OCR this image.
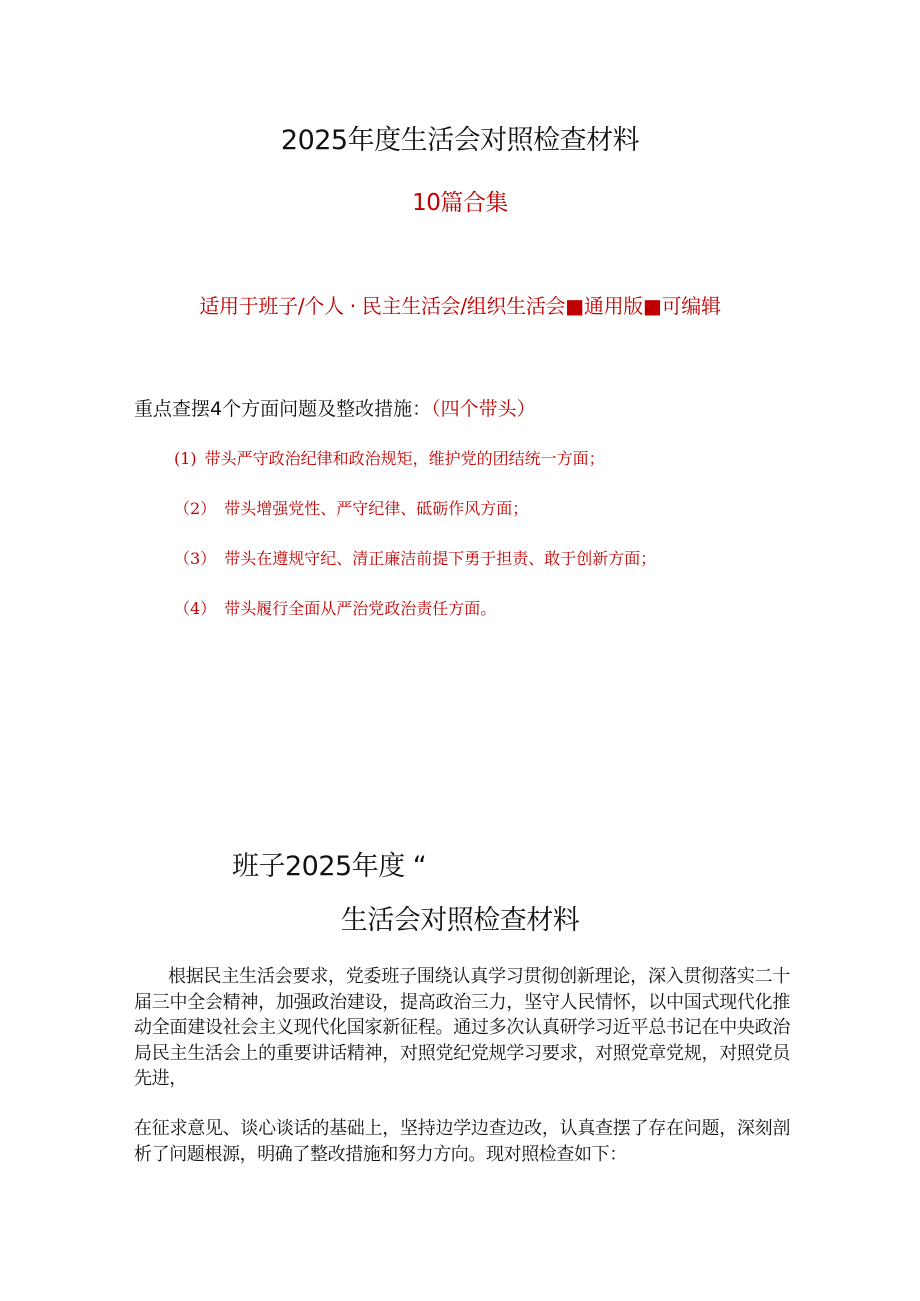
2025年度生活会对照检查材料
10篇合集
适用于班子/个人 · 民主生活会/组织生活会■通用版■可编辑
重点查摆4个方面问题及整改措施：（四个带头）
(1) 带头严守政治纪律和政治规矩，维护党的团结统一方面；
（2） 带头增强党性、严守纪律、砥砺作风方面；
（3） 带头在遵规守纪、清正廉洁前提下勇于担责、敢于创新方面；
（4） 带头履行全面从严治党政治责任方面。
班子2025年度 “
生活会对照检查材料

根据民主生活会要求，党委班子围绕认真学习贯彻创新理论，深入贯彻落实二十届三中全会精神，加强政治建设，提高政治三力，坚守人民情怀，以中国式现代化推动全面建设社会主义现代化国家新征程。通过多次认真研学习近平总书记在中央政治局民主生活会上的重要讲话精神，对照党纪党规学习要求，对照党章党规，对照党员先进，

在征求意见、谈心谈话的基础上，坚持边学边查边改，认真查摆了存在问题，深刻剖析了问题根源，明确了整改措施和努力方向。现对照检查如下：
